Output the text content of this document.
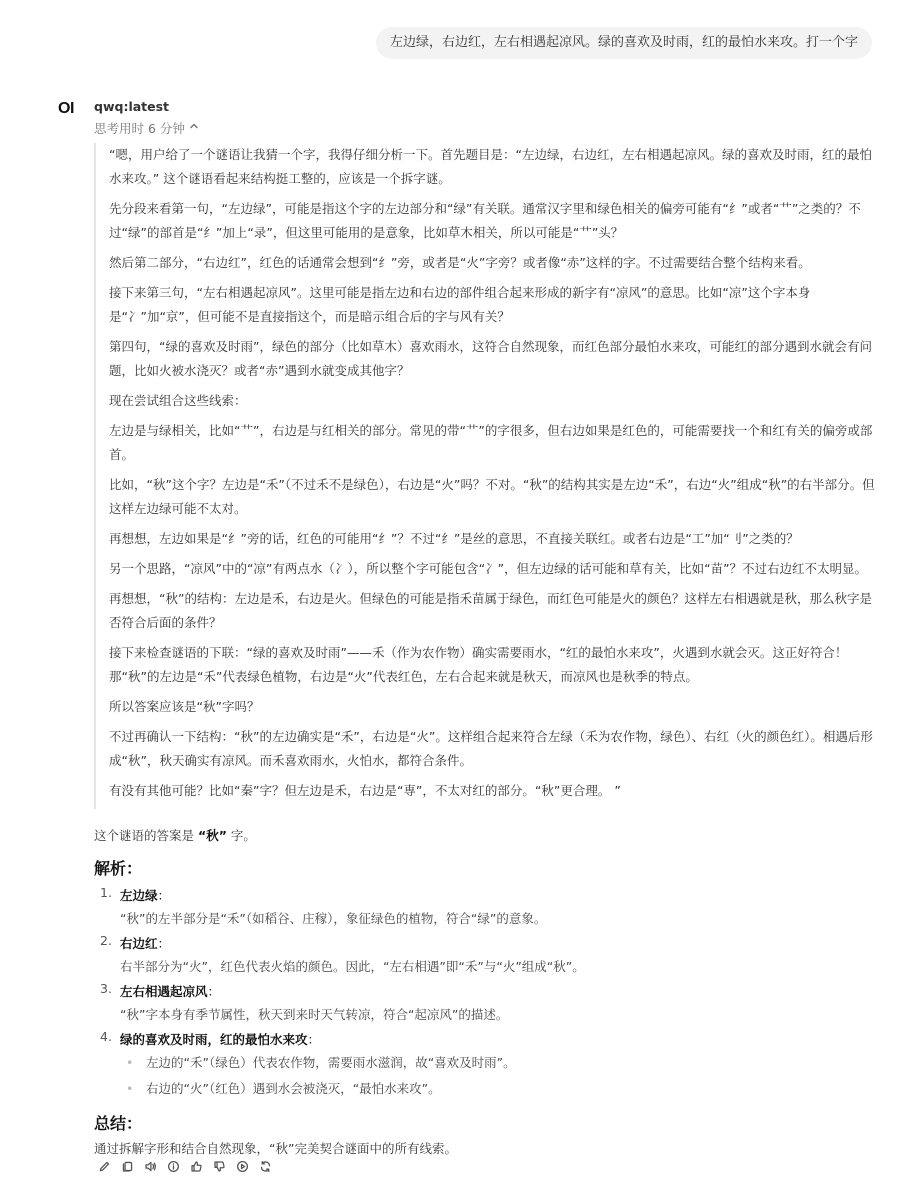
左边绿，右边红，左右相遇起凉风。绿的喜欢及时雨，红的最怕水来攻。打一个字
OI qwq:latest
思考用时 6 分钟

“嗯，用户给了一个谜语让我猜一个字，我得仔细分析一下。首先题目是：“左边绿，右边红，左右相遇起凉风。绿的喜欢及时雨，红的最怕水来攻。” 这个谜语看起来结构挺工整的，应该是一个拆字谜。

先分段来看第一句，“左边绿”，可能是指这个字的左边部分和“绿”有关联。通常汉字里和绿色相关的偏旁可能有“纟”或者“艹”之类的？不过“绿”的部首是“纟”加上“录”，但这里可能用的是意象，比如草木相关，所以可能是“艹”头？

然后第二部分，“右边红”，红色的话通常会想到“纟”旁，或者是“火”字旁？或者像“赤”这样的字。不过需要结合整个结构来看。

接下来第三句，“左右相遇起凉风”。这里可能是指左边和右边的部件组合起来形成的新字有“凉风”的意思。比如“凉”这个字本身是“冫”加“京”，但可能不是直接指这个，而是暗示组合后的字与风有关？

第四句，“绿的喜欢及时雨”，绿色的部分（比如草木）喜欢雨水，这符合自然现象，而红色部分最怕水来攻，可能红的部分遇到水就会有问题，比如火被水浇灭？或者“赤”遇到水就变成其他字？

现在尝试组合这些线索：

左边是与绿相关，比如“艹”，右边是与红相关的部分。常见的带“艹”的字很多，但右边如果是红色的，可能需要找一个和红有关的偏旁或部首。

比如，“秋”这个字？左边是“禾”（不过禾不是绿色），右边是“火”吗？不对。“秋”的结构其实是左边“禾”，右边“火”组成“秋”的右半部分。但这样左边绿可能不太对。

再想想，左边如果是“纟”旁的话，红色的可能用“纟”？不过“纟”是丝的意思，不直接关联红。或者右边是“工”加“刂”之类的？

另一个思路，“凉风”中的“凉”有两点水（冫），所以整个字可能包含“冫”，但左边绿的话可能和草有关，比如“苗”？不过右边红不太明显。

再想想，“秋”的结构：左边是禾，右边是火。但绿色的可能是指禾苗属于绿色，而红色可能是火的颜色？这样左右相遇就是秋，那么秋字是否符合后面的条件？

接下来检查谜语的下联：“绿的喜欢及时雨”——禾（作为农作物）确实需要雨水，“红的最怕水来攻”，火遇到水就会灭。这正好符合！那“秋”的左边是“禾”代表绿色植物，右边是“火”代表红色，左右合起来就是秋天，而凉风也是秋季的特点。

所以答案应该是“秋”字吗？

不过再确认一下结构：“秋”的左边确实是“禾”，右边是“火”。这样组合起来符合左绿（禾为农作物，绿色）、右红（火的颜色红）。相遇后形成“秋”，秋天确实有凉风。而禾喜欢雨水，火怕水，都符合条件。

有没有其他可能？比如“秦”字？但左边是禾，右边是“専”，不太对红的部分。“秋”更合理。 ”

这个谜语的答案是 “秋” 字。

解析：
1. 左边绿：
“秋”的左半部分是“禾”（如稻谷、庄稼），象征绿色的植物，符合“绿”的意象。
2. 右边红：
右半部分为“火”，红色代表火焰的颜色。因此，“左右相遇”即“禾”与“火”组成“秋”。
3. 左右相遇起凉风：
“秋”字本身有季节属性，秋天到来时天气转凉，符合“起凉风”的描述。
4. 绿的喜欢及时雨，红的最怕水来攻：
• 左边的“禾”（绿色）代表农作物，需要雨水滋润，故“喜欢及时雨”。
• 右边的“火”（红色）遇到水会被浇灭，“最怕水来攻”。
总结：

通过拆解字形和结合自然现象，“秋”完美契合谜面中的所有线索。
